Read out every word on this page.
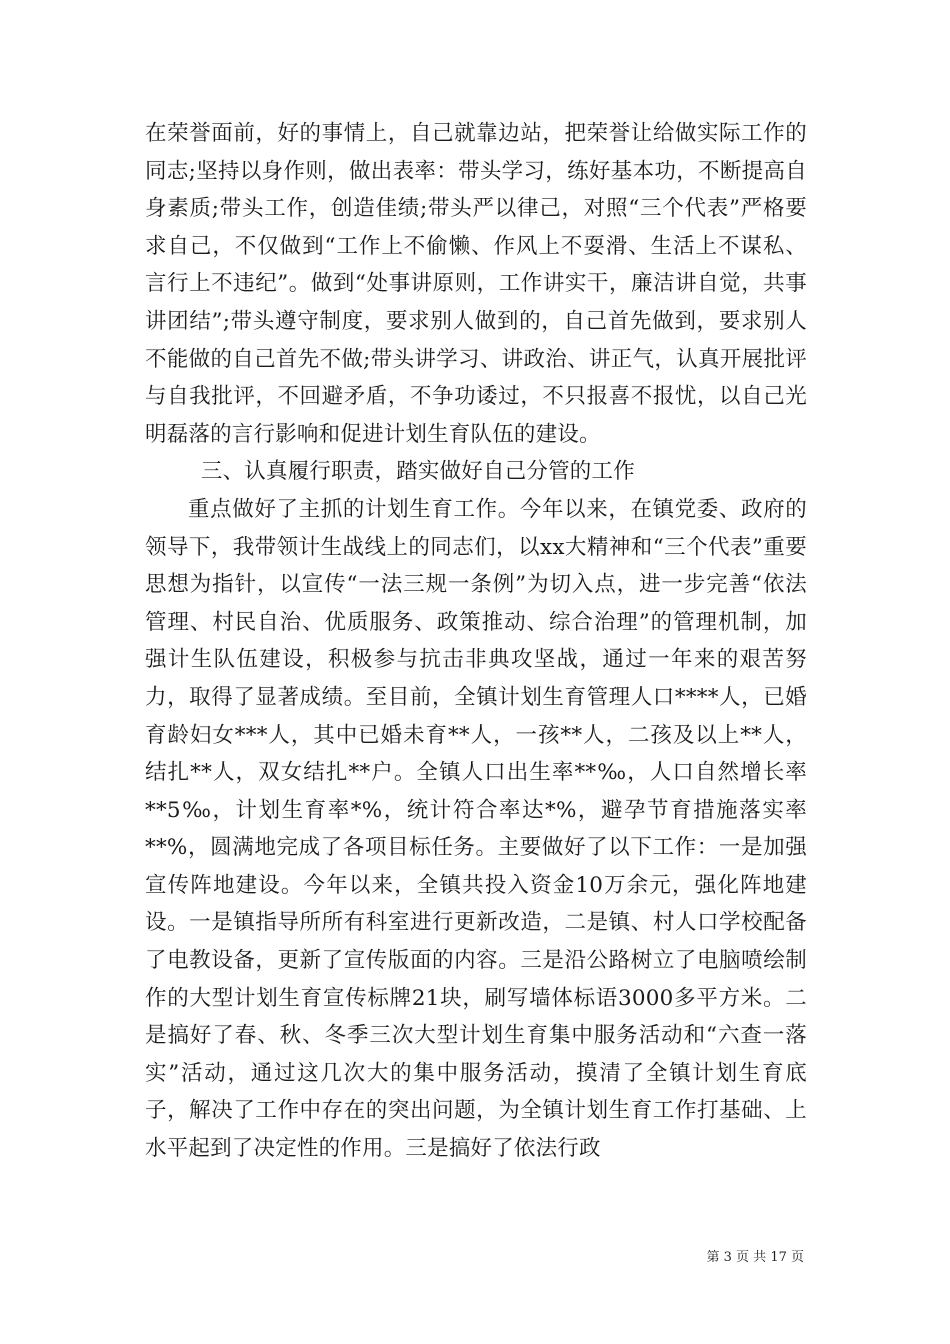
在荣誉面前，好的事情上，自己就靠边站，把荣誉让给做实际工作的同志;坚持以身作则，做出表率：带头学习，练好基本功，不断提高自身素质;带头工作，创造佳绩;带头严以律己，对照“三个代表”严格要求自己，不仅做到“工作上不偷懒、作风上不耍滑、生活上不谋私、言行上不违纪”。做到“处事讲原则，工作讲实干，廉洁讲自觉，共事讲团结”;带头遵守制度，要求别人做到的，自己首先做到，要求别人不能做的自己首先不做;带头讲学习、讲政治、讲正气，认真开展批评与自我批评，不回避矛盾，不争功诿过，不只报喜不报忧，以自己光明磊落的言行影响和促进计划生育队伍的建设。

三、认真履行职责，踏实做好自己分管的工作

重点做好了主抓的计划生育工作。今年以来，在镇党委、政府的领导下，我带领计生战线上的同志们，以xx大精神和“三个代表”重要思想为指针，以宣传“一法三规一条例”为切入点，进一步完善“依法管理、村民自治、优质服务、政策推动、综合治理”的管理机制，加强计生队伍建设，积极参与抗击非典攻坚战，通过一年来的艰苦努力，取得了显著成绩。至目前，全镇计划生育管理人口****人，已婚育龄妇女***人，其中已婚未育**人，一孩**人，二孩及以上**人，结扎**人，双女结扎**户。全镇人口出生率**‰，人口自然增长率**5‰，计划生育率*%，统计符合率达*%，避孕节育措施落实率**%，圆满地完成了各项目标任务。主要做好了以下工作：一是加强宣传阵地建设。今年以来，全镇共投入资金10万余元，强化阵地建设。一是镇指导所所有科室进行更新改造，二是镇、村人口学校配备了电教设备，更新了宣传版面的内容。三是沿公路树立了电脑喷绘制作的大型计划生育宣传标牌21块，刷写墙体标语3000多平方米。二是搞好了春、秋、冬季三次大型计划生育集中服务活动和“六查一落实”活动，通过这几次大的集中服务活动，摸清了全镇计划生育底子，解决了工作中存在的突出问题，为全镇计划生育工作打基础、上水平起到了决定性的作用。三是搞好了依法行政

第 3 页 共 17 页
